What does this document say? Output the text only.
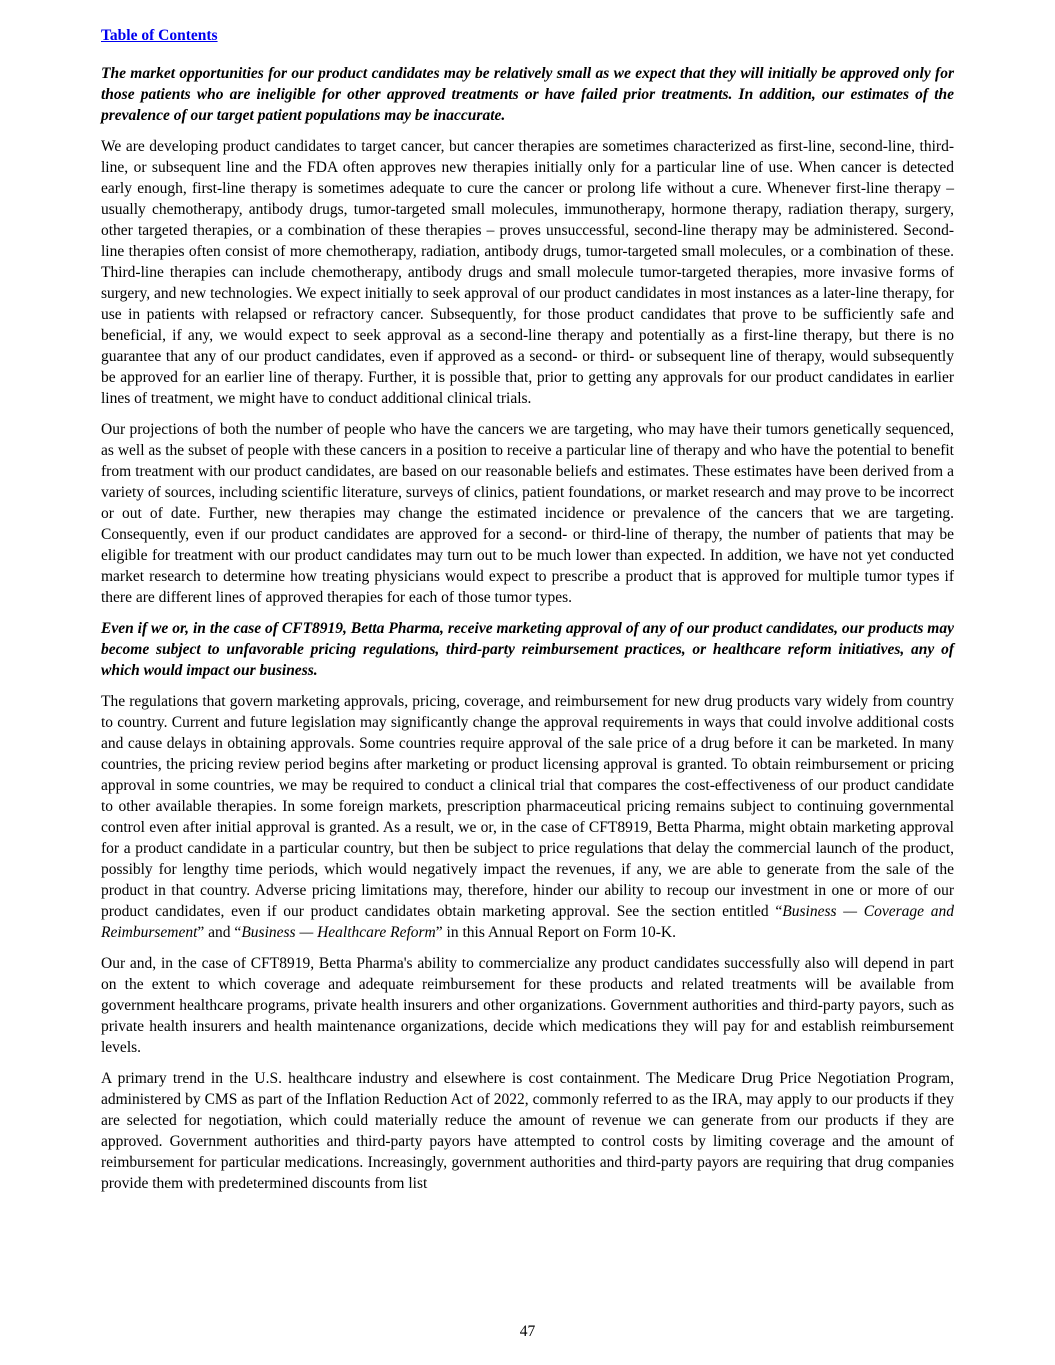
Table of Contents

The market opportunities for our product candidates may be relatively small as we expect that they will initially be approved only for those patients who are ineligible for other approved treatments or have failed prior treatments. In addition, our estimates of the prevalence of our target patient populations may be inaccurate.

We are developing product candidates to target cancer, but cancer therapies are sometimes characterized as first-line, second-line, third-line, or subsequent line and the FDA often approves new therapies initially only for a particular line of use. When cancer is detected early enough, first-line therapy is sometimes adequate to cure the cancer or prolong life without a cure. Whenever first-line therapy – usually chemotherapy, antibody drugs, tumor-targeted small molecules, immunotherapy, hormone therapy, radiation therapy, surgery, other targeted therapies, or a combination of these therapies – proves unsuccessful, second-line therapy may be administered. Second-line therapies often consist of more chemotherapy, radiation, antibody drugs, tumor-targeted small molecules, or a combination of these. Third-line therapies can include chemotherapy, antibody drugs and small molecule tumor-targeted therapies, more invasive forms of surgery, and new technologies. We expect initially to seek approval of our product candidates in most instances as a later-line therapy, for use in patients with relapsed or refractory cancer. Subsequently, for those product candidates that prove to be sufficiently safe and beneficial, if any, we would expect to seek approval as a second-line therapy and potentially as a first-line therapy, but there is no guarantee that any of our product candidates, even if approved as a second- or third- or subsequent line of therapy, would subsequently be approved for an earlier line of therapy. Further, it is possible that, prior to getting any approvals for our product candidates in earlier lines of treatment, we might have to conduct additional clinical trials.

Our projections of both the number of people who have the cancers we are targeting, who may have their tumors genetically sequenced, as well as the subset of people with these cancers in a position to receive a particular line of therapy and who have the potential to benefit from treatment with our product candidates, are based on our reasonable beliefs and estimates. These estimates have been derived from a variety of sources, including scientific literature, surveys of clinics, patient foundations, or market research and may prove to be incorrect or out of date. Further, new therapies may change the estimated incidence or prevalence of the cancers that we are targeting. Consequently, even if our product candidates are approved for a second- or third-line of therapy, the number of patients that may be eligible for treatment with our product candidates may turn out to be much lower than expected. In addition, we have not yet conducted market research to determine how treating physicians would expect to prescribe a product that is approved for multiple tumor types if there are different lines of approved therapies for each of those tumor types.

Even if we or, in the case of CFT8919, Betta Pharma, receive marketing approval of any of our product candidates, our products may become subject to unfavorable pricing regulations, third-party reimbursement practices, or healthcare reform initiatives, any of which would impact our business.

The regulations that govern marketing approvals, pricing, coverage, and reimbursement for new drug products vary widely from country to country. Current and future legislation may significantly change the approval requirements in ways that could involve additional costs and cause delays in obtaining approvals. Some countries require approval of the sale price of a drug before it can be marketed. In many countries, the pricing review period begins after marketing or product licensing approval is granted. To obtain reimbursement or pricing approval in some countries, we may be required to conduct a clinical trial that compares the cost-effectiveness of our product candidate to other available therapies. In some foreign markets, prescription pharmaceutical pricing remains subject to continuing governmental control even after initial approval is granted. As a result, we or, in the case of CFT8919, Betta Pharma, might obtain marketing approval for a product candidate in a particular country, but then be subject to price regulations that delay the commercial launch of the product, possibly for lengthy time periods, which would negatively impact the revenues, if any, we are able to generate from the sale of the product in that country. Adverse pricing limitations may, therefore, hinder our ability to recoup our investment in one or more of our product candidates, even if our product candidates obtain marketing approval. See the section entitled “Business — Coverage and Reimbursement” and “Business — Healthcare Reform” in this Annual Report on Form 10-K.

Our and, in the case of CFT8919, Betta Pharma's ability to commercialize any product candidates successfully also will depend in part on the extent to which coverage and adequate reimbursement for these products and related treatments will be available from government healthcare programs, private health insurers and other organizations. Government authorities and third-party payors, such as private health insurers and health maintenance organizations, decide which medications they will pay for and establish reimbursement levels.

A primary trend in the U.S. healthcare industry and elsewhere is cost containment. The Medicare Drug Price Negotiation Program, administered by CMS as part of the Inflation Reduction Act of 2022, commonly referred to as the IRA, may apply to our products if they are selected for negotiation, which could materially reduce the amount of revenue we can generate from our products if they are approved. Government authorities and third-party payors have attempted to control costs by limiting coverage and the amount of reimbursement for particular medications. Increasingly, government authorities and third-party payors are requiring that drug companies provide them with predetermined discounts from list

47
